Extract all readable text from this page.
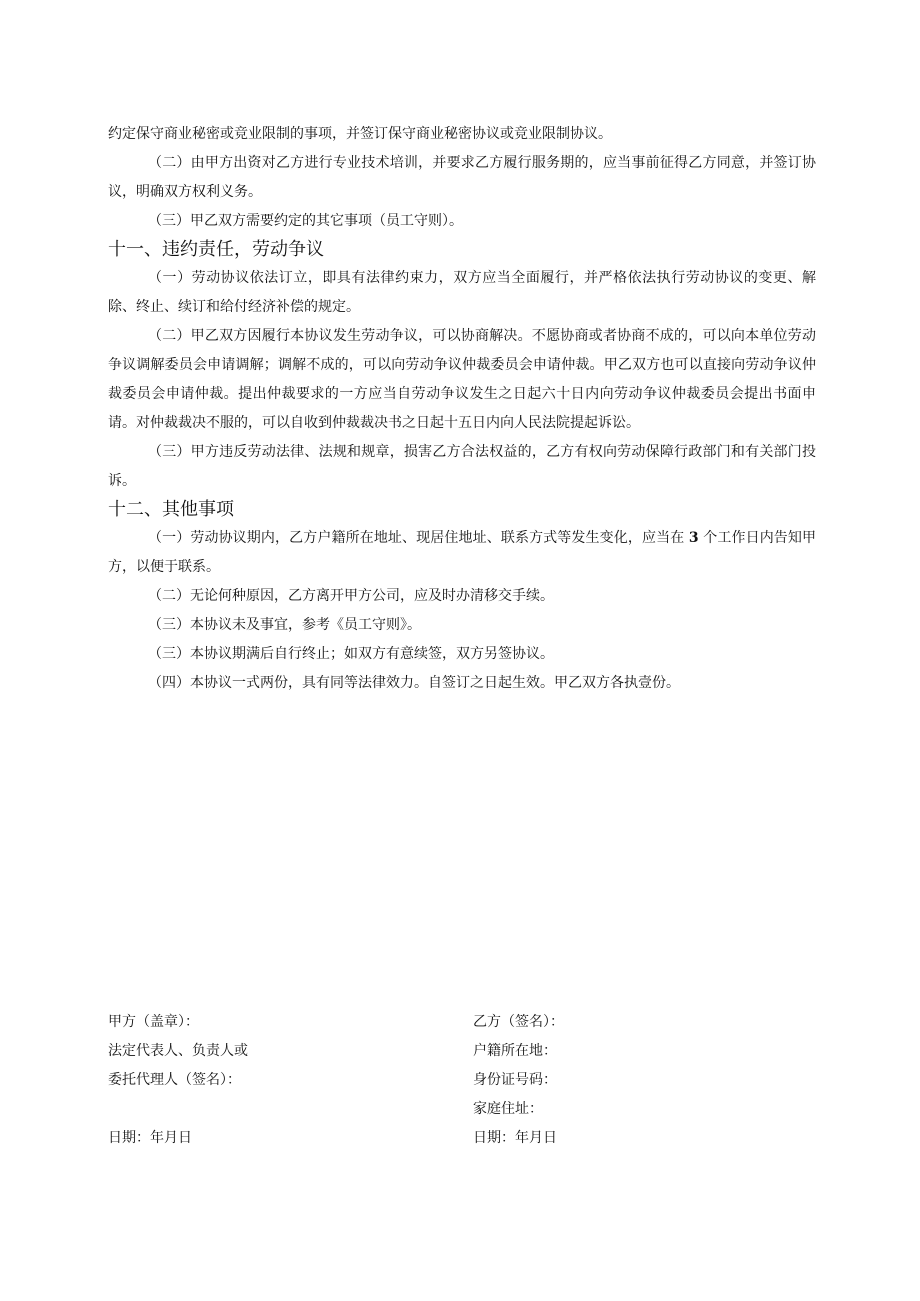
约定保守商业秘密或竞业限制的事项，并签订保守商业秘密协议或竞业限制协议。

（二）由甲方出资对乙方进行专业技术培训，并要求乙方履行服务期的，应当事前征得乙方同意，并签订协议，明确双方权利义务。

（三）甲乙双方需要约定的其它事项（员工守则）。

十一、违约责任，劳动争议

（一）劳动协议依法订立，即具有法律约束力，双方应当全面履行，并严格依法执行劳动协议的变更、解除、终止、续订和给付经济补偿的规定。

（二）甲乙双方因履行本协议发生劳动争议，可以协商解决。不愿协商或者协商不成的，可以向本单位劳动争议调解委员会申请调解；调解不成的，可以向劳动争议仲裁委员会申请仲裁。甲乙双方也可以直接向劳动争议仲裁委员会申请仲裁。提出仲裁要求的一方应当自劳动争议发生之日起六十日内向劳动争议仲裁委员会提出书面申请。对仲裁裁决不服的，可以自收到仲裁裁决书之日起十五日内向人民法院提起诉讼。

（三）甲方违反劳动法律、法规和规章，损害乙方合法权益的，乙方有权向劳动保障行政部门和有关部门投诉。

十二、其他事项

（一）劳动协议期内，乙方户籍所在地址、现居住地址、联系方式等发生变化，应当在 3 个工作日内告知甲方，以便于联系。

（二）无论何种原因，乙方离开甲方公司，应及时办清移交手续。

（三）本协议未及事宜，参考《员工守则》。

（三）本协议期满后自行终止；如双方有意续签，双方另签协议。

（四）本协议一式两份，具有同等法律效力。自签订之日起生效。甲乙双方各执壹份。

甲方（盖章）：
法定代表人、负责人或
委托代理人（签名）：
日期：年月日
乙方（签名）：
户籍所在地：
身份证号码：
家庭住址：
日期：年月日
